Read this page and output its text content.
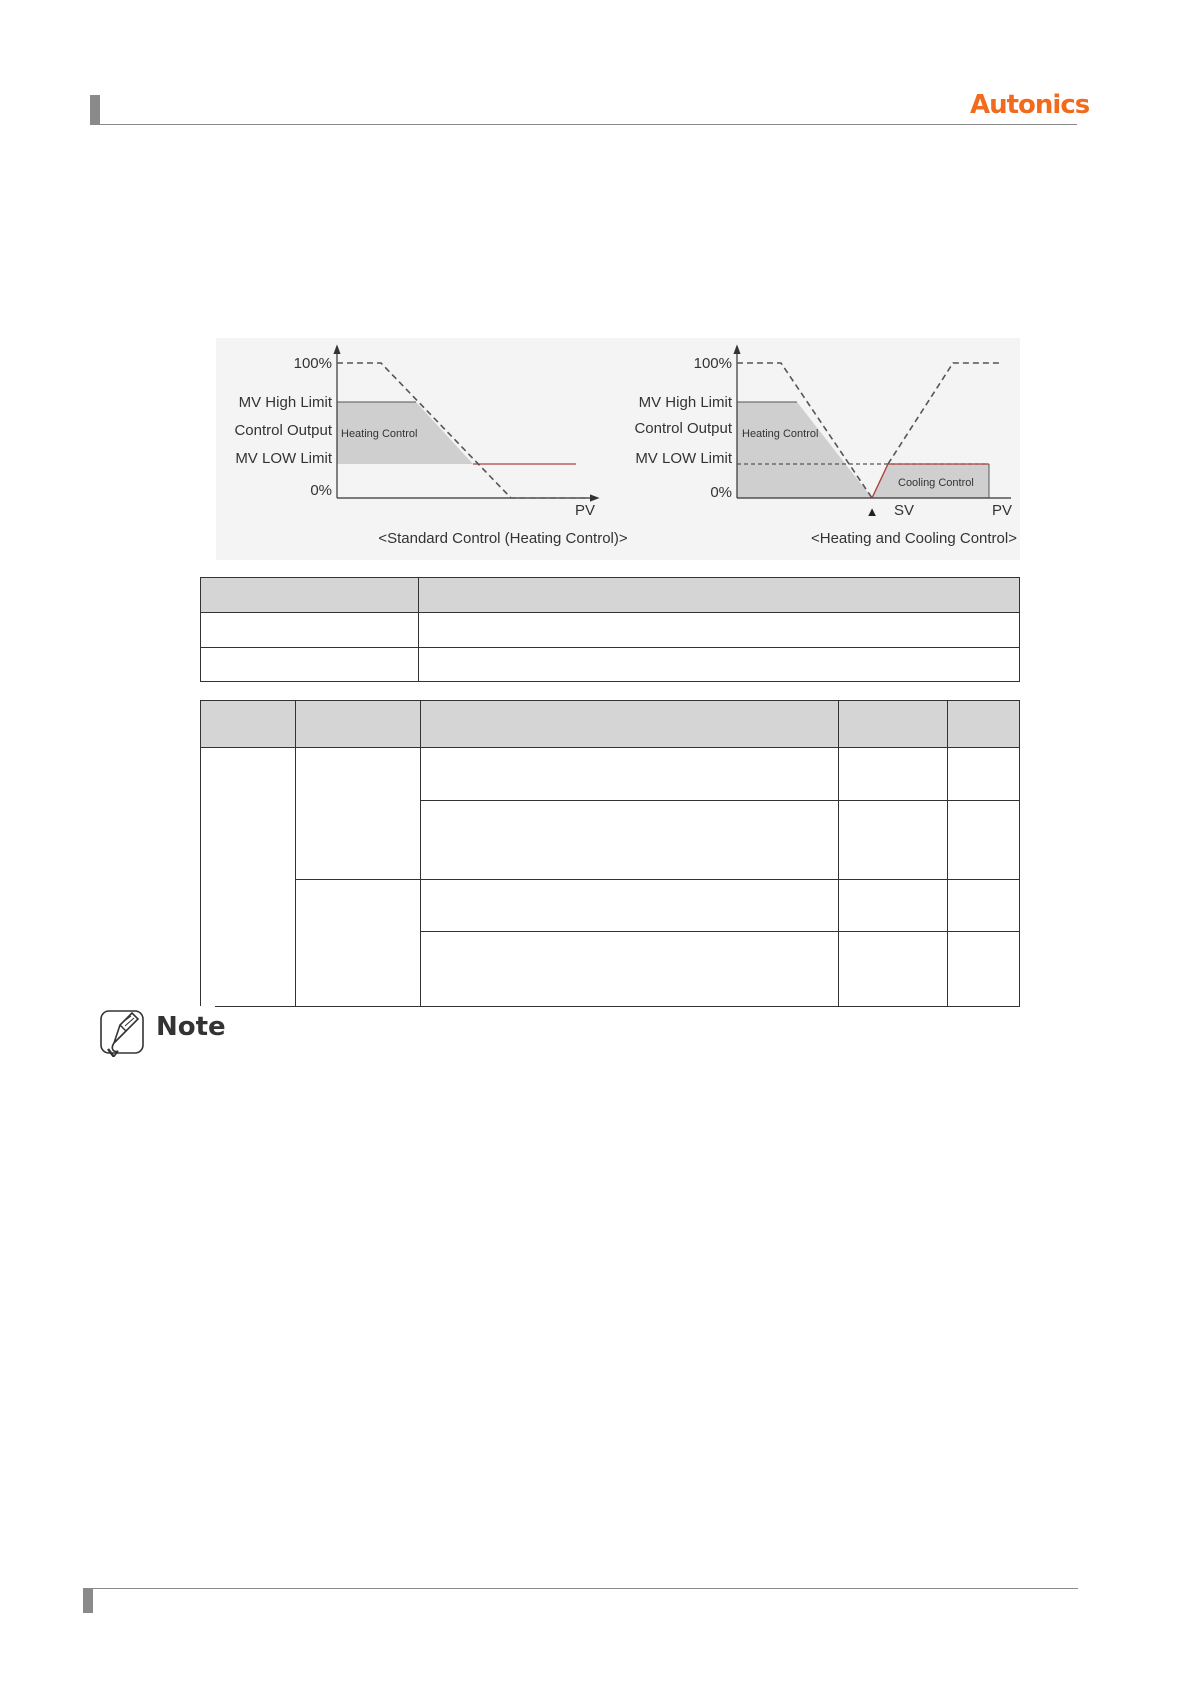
Autonics
100%
MV High Limit
Control Output
MV LOW Limit
0%
Heating Control
PV
<Standard Control (Heating Control)>
100%
MV High Limit
Control Output
MV LOW Limit
0%
Heating Control
Cooling Control
▲ SV	PV
<Heating and Cooling Control>

Note
